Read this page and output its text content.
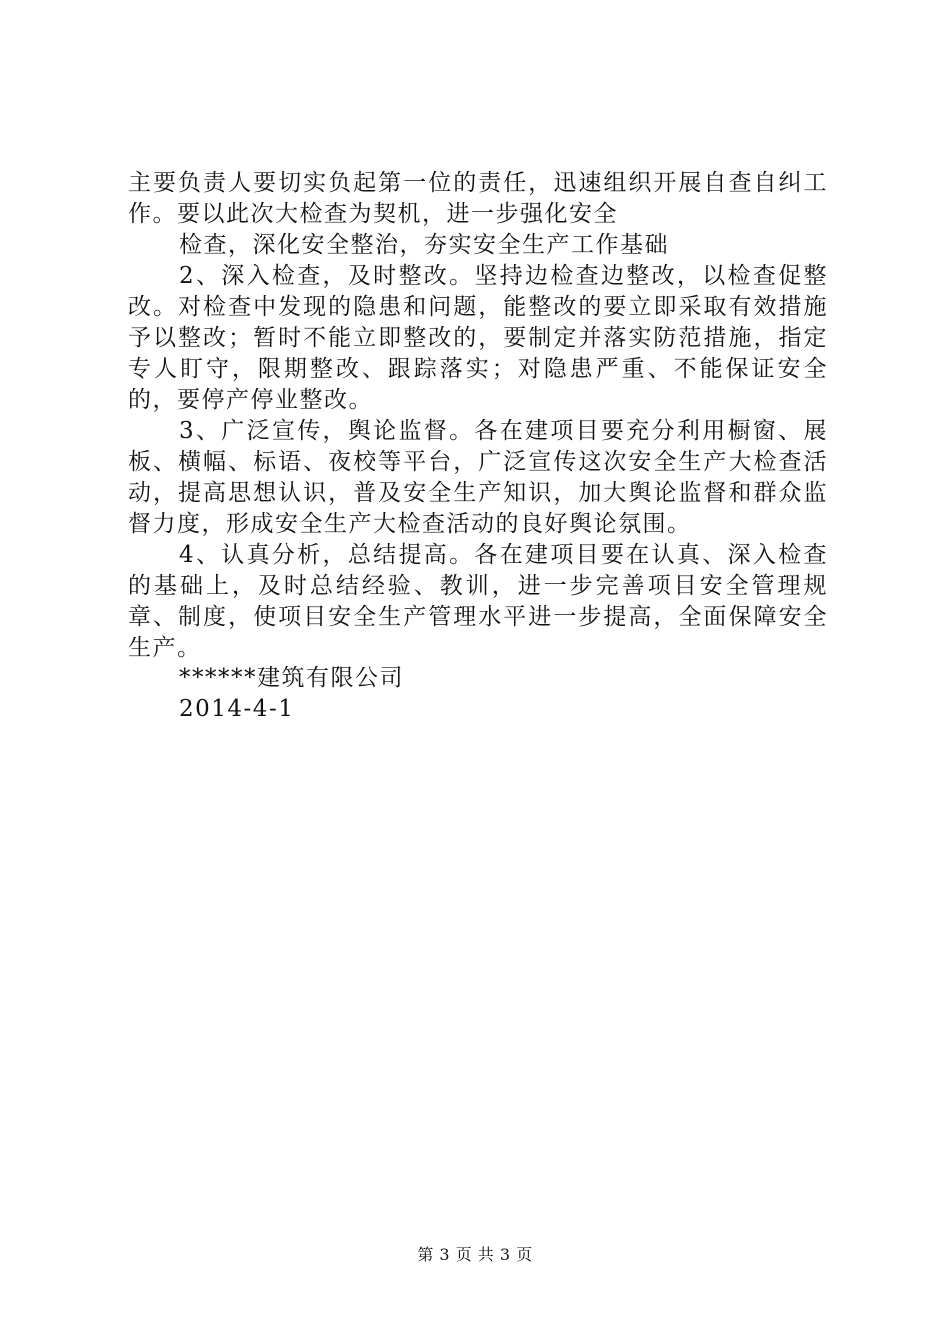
主要负责人要切实负起第一位的责任，迅速组织开展自查自纠工作。要以此次大检查为契机，进一步强化安全

检查，深化安全整治，夯实安全生产工作基础

2、深入检查，及时整改。坚持边检查边整改，以检查促整改。对检查中发现的隐患和问题，能整改的要立即采取有效措施予以整改；暂时不能立即整改的，要制定并落实防范措施，指定专人盯守，限期整改、跟踪落实；对隐患严重、不能保证安全的，要停产停业整改。

3、广泛宣传，舆论监督。各在建项目要充分利用橱窗、展板、横幅、标语、夜校等平台，广泛宣传这次安全生产大检查活动，提高思想认识，普及安全生产知识，加大舆论监督和群众监督力度，形成安全生产大检查活动的良好舆论氛围。

4、认真分析，总结提高。各在建项目要在认真、深入检查的基础上，及时总结经验、教训，进一步完善项目安全管理规章、制度，使项目安全生产管理水平进一步提高，全面保障安全生产。

******建筑有限公司
2014-4-1
第 3 页 共 3 页
